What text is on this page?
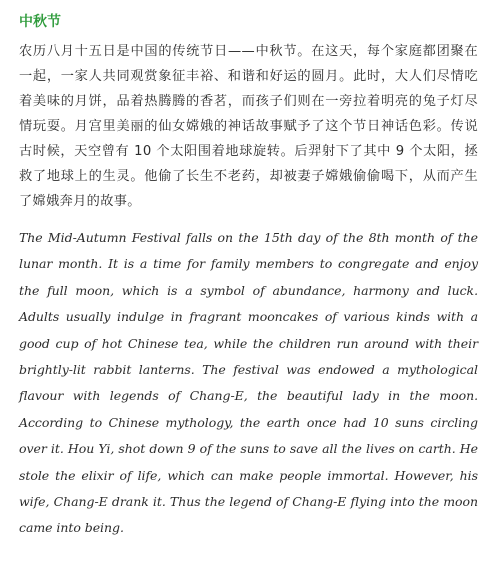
中秋节

农历八月十五日是中国的传统节日——中秋节。在这天，每个家庭都团聚在一起，一家人共同观赏象征丰裕、和谐和好运的圆月。此时，大人们尽情吃着美味的月饼，品着热腾腾的香茗，而孩子们则在一旁拉着明亮的兔子灯尽情玩耍。月宫里美丽的仙女嫦娥的神话故事赋予了这个节日神话色彩。传说古时候，天空曾有 10 个太阳围着地球旋转。后羿射下了其中 9 个太阳，拯救了地球上的生灵。他偷了长生不老药，却被妻子嫦娥偷偷喝下，从而产生了嫦娥奔月的故事。

The Mid-Autumn Festival falls on the 15th day of the 8th month of the lunar month. It is a time for family members to congregate and enjoy the full moon, which is a symbol of abundance, harmony and luck. Adults usually indulge in fragrant mooncakes of various kinds with a good cup of hot Chinese tea, while the children run around with their brightly-lit rabbit lanterns. The festival was endowed a mythological flavour with legends of Chang-E, the beautiful lady in the moon. According to Chinese mythology, the earth once had 10 suns circling over it. Hou Yi, shot down 9 of the suns to save all the lives on carth. He stole the elixir of life, which can make people immortal. However, his wife, Chang-E drank it. Thus the legend of Chang-E flying into the moon came into being.
